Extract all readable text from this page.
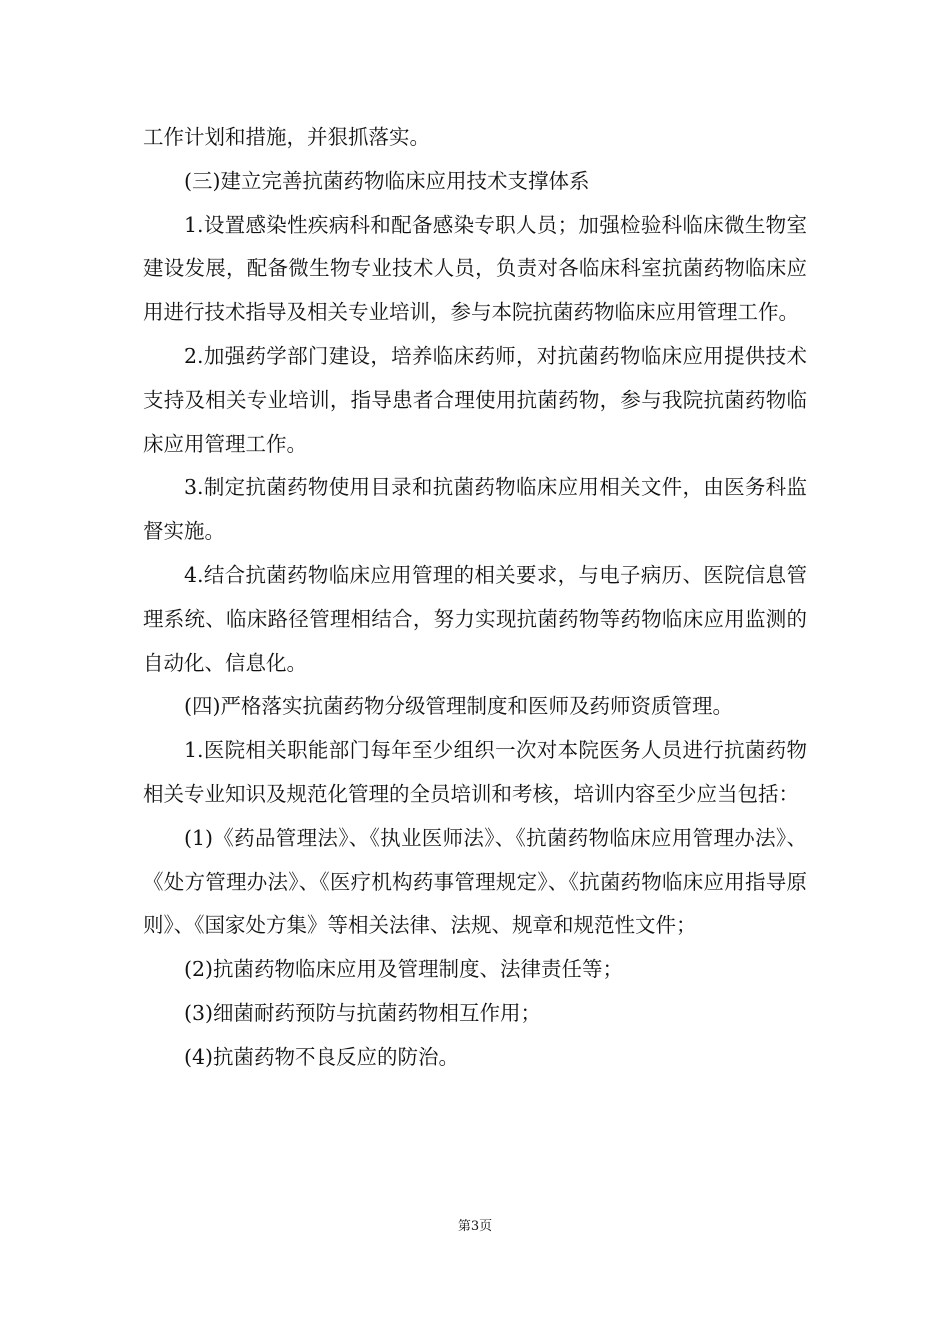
工作计划和措施，并狠抓落实。

(三)建立完善抗菌药物临床应用技术支撑体系

1.设置感染性疾病科和配备感染专职人员；加强检验科临床微生物室建设发展，配备微生物专业技术人员，负责对各临床科室抗菌药物临床应用进行技术指导及相关专业培训，参与本院抗菌药物临床应用管理工作。

2.加强药学部门建设，培养临床药师，对抗菌药物临床应用提供技术支持及相关专业培训，指导患者合理使用抗菌药物，参与我院抗菌药物临床应用管理工作。

3.制定抗菌药物使用目录和抗菌药物临床应用相关文件，由医务科监督实施。

4.结合抗菌药物临床应用管理的相关要求，与电子病历、医院信息管理系统、临床路径管理相结合，努力实现抗菌药物等药物临床应用监测的自动化、信息化。

(四)严格落实抗菌药物分级管理制度和医师及药师资质管理。

1.医院相关职能部门每年至少组织一次对本院医务人员进行抗菌药物相关专业知识及规范化管理的全员培训和考核，培训内容至少应当包括：

(1)《药品管理法》、《执业医师法》、《抗菌药物临床应用管理办法》、《处方管理办法》、《医疗机构药事管理规定》、《抗菌药物临床应用指导原则》、《国家处方集》等相关法律、法规、规章和规范性文件；

(2)抗菌药物临床应用及管理制度、法律责任等；

(3)细菌耐药预防与抗菌药物相互作用；

(4)抗菌药物不良反应的防治。

第3页
